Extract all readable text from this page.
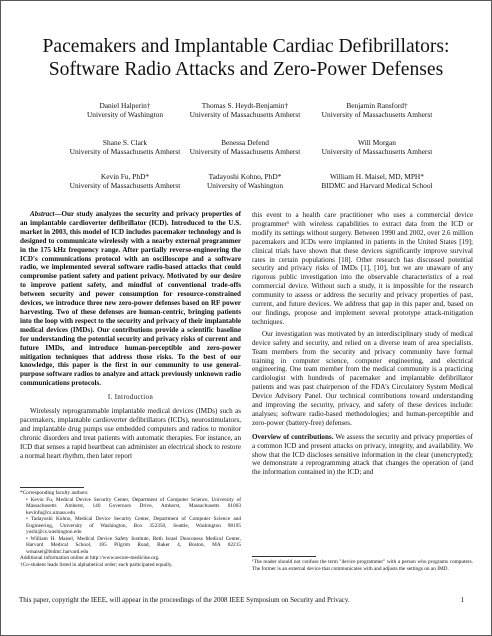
Pacemakers and Implantable Cardiac Defibrillators:
Software Radio Attacks and Zero-Power Defenses
Daniel Halperin†
University of Washington
Thomas S. Heydt-Benjamin†
University of Massachusetts Amherst
Benjamin Ransford†
University of Massachusetts Amherst
Shane S. Clark
University of Massachusetts Amherst
Benessa Defend
University of Massachusetts Amherst
Will Morgan
University of Massachusetts Amherst
Kevin Fu, PhD*
University of Massachusetts Amherst
Tadayoshi Kohno, PhD*
University of Washington
William H. Maisel, MD, MPH*
BIDMC and Harvard Medical School

Abstract—Our study analyzes the security and privacy properties of an implantable cardioverter defibrillator (ICD). Introduced to the U.S. market in 2003, this model of ICD includes pacemaker technology and is designed to communicate wirelessly with a nearby external programmer in the 175 kHz frequency range. After partially reverse-engineering the ICD's communications protocol with an oscilloscope and a software radio, we implemented several software radio-based attacks that could compromise patient safety and patient privacy. Motivated by our desire to improve patient safety, and mindful of conventional trade-offs between security and power consumption for resource-constrained devices, we introduce three new zero-power defenses based on RF power harvesting. Two of these defenses are human-centric, bringing patients into the loop with respect to the security and privacy of their implantable medical devices (IMDs). Our contributions provide a scientific baseline for understanding the potential security and privacy risks of current and future IMDs, and introduce human-perceptible and zero-power mitigation techniques that address those risks. To the best of our knowledge, this paper is the first in our community to use general-purpose software radios to analyze and attack previously unknown radio communications protocols.

I. Introduction

Wirelessly reprogrammable implantable medical devices (IMDs) such as pacemakers, implantable cardioverter defibrillators (ICDs), neurostimulators, and implantable drug pumps use embedded computers and radios to monitor chronic disorders and treat patients with automatic therapies. For instance, an ICD that senses a rapid heartbeat can administer an electrical shock to restore a normal heart rhythm, then later report

*Corresponding faculty authors:
• Kevin Fu, Medical Device Security Center, Department of Computer Science, University of Massachusetts Amherst, 140 Governors Drive, Amherst, Massachusetts 01003 kevinfu@cs.umass.edu
• Tadayoshi Kohno, Medical Device Security Center, Department of Computer Science and Engineering, University of Washington, Box 352350, Seattle, Washington 98195 yoshi@cs.washington.edu
• William H. Maisel, Medical Device Safety Institute, Beth Israel Deaconess Medical Center, Harvard Medical School, 185 Pilgrim Road, Baker 4, Boston, MA 02215 wmaisel@bidmc.harvard.edu
Additional information online at http://www.secure-medicine.org.
†Co-student leads listed in alphabetical order; each participated equally.

this event to a health care practitioner who uses a commercial device programmer¹ with wireless capabilities to extract data from the ICD or modify its settings without surgery. Between 1990 and 2002, over 2.6 million pacemakers and ICDs were implanted in patients in the United States [19]; clinical trials have shown that these devices significantly improve survival rates in certain populations [18]. Other research has discussed potential security and privacy risks of IMDs [1], [10], but we are unaware of any rigorous public investigation into the observable characteristics of a real commercial device. Without such a study, it is impossible for the research community to assess or address the security and privacy properties of past, current, and future devices. We address that gap in this paper and, based on our findings, propose and implement several prototype attack-mitigation techniques.

Our investigation was motivated by an interdisciplinary study of medical device safety and security, and relied on a diverse team of area specialists. Team members from the security and privacy community have formal training in computer science, computer engineering, and electrical engineering. One team member from the medical community is a practicing cardiologist with hundreds of pacemaker and implantable defibrillator patients and was past chairperson of the FDA's Circulatory System Medical Device Advisory Panel. Our technical contributions toward understanding and improving the security, privacy, and safety of these devices include: analyses; software radio-based methodologies; and human-perceptible and zero-power (battery-free) defenses.

Overview of contributions. We assess the security and privacy properties of a common ICD and present attacks on privacy, integrity, and availability. We show that the ICD discloses sensitive information in the clear (unencrypted); we demonstrate a reprogramming attack that changes the operation of (and the information contained in) the ICD; and

¹The reader should not confuse the term "device programmer" with a person who programs computers. The former is an external device that communicates with and adjusts the settings on an IMD.
This paper, copyright the IEEE, will appear in the proceedings of the 2008 IEEE Symposium on Security and Privacy.	1
